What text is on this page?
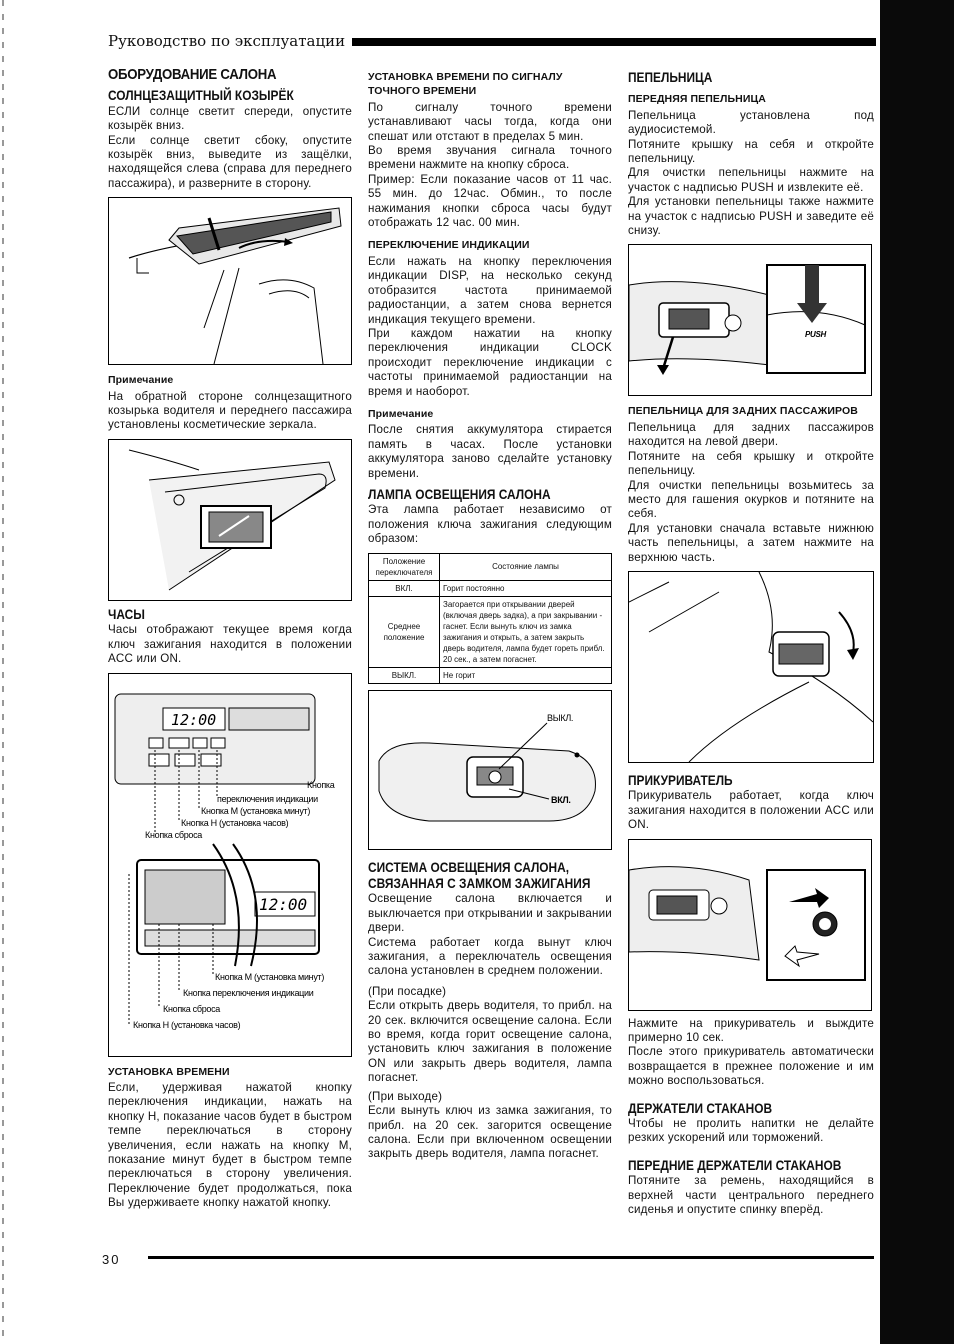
Руководство по эксплуатации
ОБОРУДОВАНИЕ САЛОНА
СОЛНЦЕЗАЩИТНЫЙ КОЗЫРЁК

ЕСЛИ солнце светит спереди, опустите козырёк вниз.

Если солнце светит сбоку, опустите козырёк вниз, выведите из защёлки, находящейся слева (справа для переднего пассажира), и разверните в сторону.

Примечание

На обратной стороне солнцезащитного козырька водителя и переднего пассажира установлены косметические зеркала.

ЧАСЫ

Часы отображают текущее время когда ключ зажигания находится в положении ACC или ON.

12:00
Кнопка
переключения индикации
Кнопка М (установка минут)
Кнопка Н (установка часов)
Кнопка сброса
12:00
Кнопка М (установка минут)
Кнопка переключения индикации
Кнопка сброса
Кнопка Н (установка часов)
УСТАНОВКА ВРЕМЕНИ

Если, удерживая нажатой кнопку переключения индикации, нажать на кнопку Н, показание часов будет в быстром темпе переключаться в сторону увеличения, если нажать на кнопку М, показание минут будет в быстром темпе переключаться в сторону увеличения. Переключение будет продолжаться, пока Вы удерживаете кнопку нажатой кнопку.

УСТАНОВКА ВРЕМЕНИ ПО СИГНАЛУ ТОЧНОГО ВРЕМЕНИ

По сигналу точного времени устанавливают часы тогда, когда они спешат или отстают в пределах 5 мин.

Во время звучания сигнала точного времени нажмите на кнопку сброса.

Пример: Если показание часов от 11 час. 55 мин. до 12час. Обмин., то после нажимания кнопки сброса часы будут отображать 12 час. 00 мин.

ПЕРЕКЛЮЧЕНИЕ ИНДИКАЦИИ

Если нажать на кнопку переключения индикации DISP, на несколько секунд отобразится частота принимаемой радиостанции, а затем снова вернется индикация текущего времени.

При каждом нажатии на кнопку переключения индикации CLOCK происходит переключение индикации с частоты принимаемой радиостанции на время и наоборот.

Примечание

После снятия аккумулятора стирается память в часах. После установки аккумулятора заново сделайте установку времени.

ЛАМПА ОСВЕЩЕНИЯ САЛОНА

Эта лампа работает независимо от положения ключа зажигания следующим образом:

Положение переключателя	Состояние лампы
ВКЛ.	Горит постоянно
Среднее положение	Загорается при открывании дверей (включая дверь задка), а при закрывании - гаснет. Если вынуть ключ из замка зажигания и открыть, а затем закрыть дверь водителя, лампа будет гореть прибл. 20 сек., а затем погаснет.
ВЫКЛ.	Не горит
ВЫКЛ.
ВКЛ.
СИСТЕМА ОСВЕЩЕНИЯ САЛОНА,
СВЯЗАННАЯ С ЗАМКОМ ЗАЖИГАНИЯ

Освещение салона включается и выключается при открывании и закрывании двери.

Система работает когда вынут ключ зажигания, а переключатель освещения салона установлен в среднем положении.

(При посадке)

Если открыть дверь водителя, то прибл. на 20 сек. включится освещение салона. Если во время, когда горит освещение салона, установить ключ зажигания в положение ON или закрыть дверь водителя, лампа погаснет.

(При выходе)

Если вынуть ключ из замка зажигания, то прибл. на 20 сек. загорится освещение салона. Если при включенном освещении закрыть дверь водителя, лампа погаснет.

ПЕПЕЛЬНИЦА
ПЕРЕДНЯЯ ПЕПЕЛЬНИЦА

Пепельница установлена под аудиосистемой.

Потяните крышку на себя и откройте пепельницу.

Для очистки пепельницы нажмите на участок с надписью PUSH и извлеките её.

Для установки пепельницы также нажмите на участок с надписью PUSH и заведите её снизу.

PUSH
ПЕПЕЛЬНИЦА ДЛЯ ЗАДНИХ ПАССАЖИРОВ

Пепельница для задних пассажиров находится на левой двери.

Потяните на себя крышку и откройте пепельницу.

Для очистки пепельницы возьмитесь за место для гашения окурков и потяните на себя.

Для установки сначала вставьте нижнюю часть пепельницы, а затем нажмите на верхнюю часть.

ПРИКУРИВАТЕЛЬ

Прикуриватель работает, когда ключ зажигания находится в положении ACC или ON.

Нажмите на прикуриватель и выждите примерно 10 сек.

После этого прикуриватель автоматически возвращается в прежнее положение и им можно воспользоваться.

ДЕРЖАТЕЛИ СТАКАНОВ

Чтобы не пролить напитки не делайте резких ускорений или торможений.

ПЕРЕДНИЕ ДЕРЖАТЕЛИ СТАКАНОВ

Потяните за ремень, находящийся в верхней части центрального переднего сиденья и опустите спинку вперёд.

30
